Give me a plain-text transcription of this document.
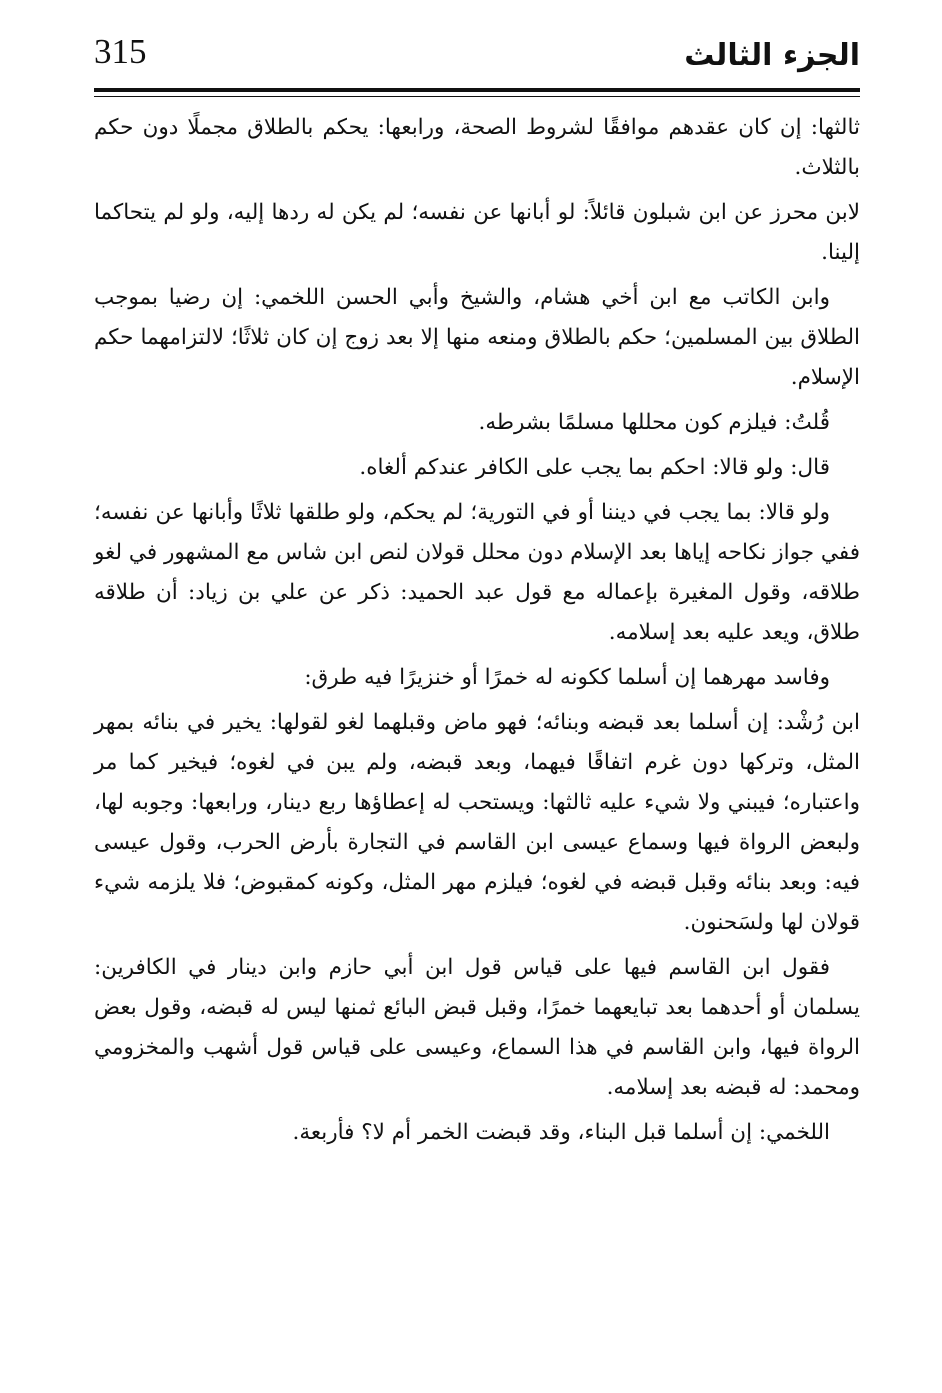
315	الجزء الثالث

ثالثها: إن كان عقدهم موافقًا لشروط الصحة، ورابعها: يحكم بالطلاق مجملًا دون حكم بالثلاث.

لابن محرز عن ابن شبلون قائلاً: لو أبانها عن نفسه؛ لم يكن له ردها إليه، ولو لم يتحاكما إلينا.

وابن الكاتب مع ابن أخي هشام، والشيخ وأبي الحسن اللخمي: إن رضيا بموجب الطلاق بين المسلمين؛ حكم بالطلاق ومنعه منها إلا بعد زوج إن كان ثلاثًا؛ لالتزامهما حكم الإسلام.

قُلتُ: فيلزم كون محللها مسلمًا بشرطه.

قال: ولو قالا: احكم بما يجب على الكافر عندكم ألغاه.

ولو قالا: بما يجب في ديننا أو في التورية؛ لم يحكم، ولو طلقها ثلاثًا وأبانها عن نفسه؛ ففي جواز نكاحه إياها بعد الإسلام دون محلل قولان لنص ابن شاس مع المشهور في لغو طلاقه، وقول المغيرة بإعماله مع قول عبد الحميد: ذكر عن علي بن زياد: أن طلاقه طلاق، ويعد عليه بعد إسلامه.

وفاسد مهرهما إن أسلما ككونه له خمرًا أو خنزيرًا فيه طرق:

ابن رُشْد: إن أسلما بعد قبضه وبنائه؛ فهو ماض وقبلهما لغو لقولها: يخير في بنائه بمهر المثل، وتركها دون غرم اتفاقًا فيهما، وبعد قبضه، ولم يبن في لغوه؛ فيخير كما مر واعتباره؛ فيبني ولا شيء عليه ثالثها: ويستحب له إعطاؤها ربع دينار، ورابعها: وجوبه لها، ولبعض الرواة فيها وسماع عيسى ابن القاسم في التجارة بأرض الحرب، وقول عيسى فيه: وبعد بنائه وقبل قبضه في لغوه؛ فيلزم مهر المثل، وكونه كمقبوض؛ فلا يلزمه شيء قولان لها ولسَحنون.

فقول ابن القاسم فيها على قياس قول ابن أبي حازم وابن دينار في الكافرين: يسلمان أو أحدهما بعد تبايعهما خمرًا، وقبل قبض البائع ثمنها ليس له قبضه، وقول بعض الرواة فيها، وابن القاسم في هذا السماع، وعيسى على قياس قول أشهب والمخزومي ومحمد: له قبضه بعد إسلامه.

اللخمي: إن أسلما قبل البناء، وقد قبضت الخمر أم لا؟ فأربعة.
